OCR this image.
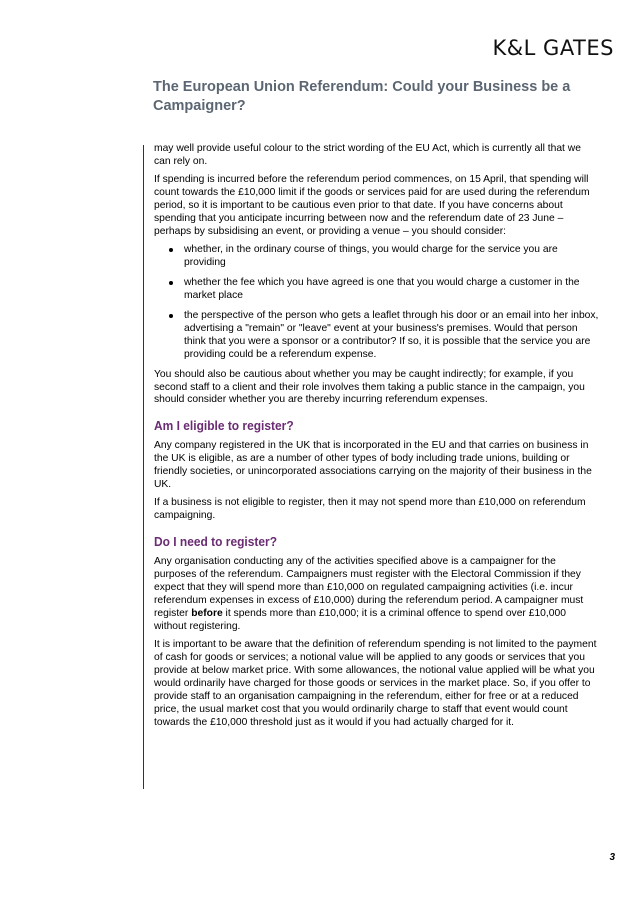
K&L GATES
The European Union Referendum: Could your Business be a Campaigner?

may well provide useful colour to the strict wording of the EU Act, which is currently all that we can rely on.

If spending is incurred before the referendum period commences, on 15 April, that spending will count towards the £10,000 limit if the goods or services paid for are used during the referendum period, so it is important to be cautious even prior to that date. If you have concerns about spending that you anticipate incurring between now and the referendum date of 23 June – perhaps by subsidising an event, or providing a venue – you should consider:

whether, in the ordinary course of things, you would charge for the service you are providing
whether the fee which you have agreed is one that you would charge a customer in the market place
the perspective of the person who gets a leaflet through his door or an email into her inbox, advertising a "remain" or "leave" event at your business's premises. Would that person think that you were a sponsor or a contributor? If so, it is possible that the service you are providing could be a referendum expense.

You should also be cautious about whether you may be caught indirectly; for example, if you second staff to a client and their role involves them taking a public stance in the campaign, you should consider whether you are thereby incurring referendum expenses.

Am I eligible to register?

Any company registered in the UK that is incorporated in the EU and that carries on business in the UK is eligible, as are a number of other types of body including trade unions, building or friendly societies, or unincorporated associations carrying on the majority of their business in the UK.

If a business is not eligible to register, then it may not spend more than £10,000 on referendum campaigning.

Do I need to register?

Any organisation conducting any of the activities specified above is a campaigner for the purposes of the referendum. Campaigners must register with the Electoral Commission if they expect that they will spend more than £10,000 on regulated campaigning activities (i.e. incur referendum expenses in excess of £10,000) during the referendum period. A campaigner must register before it spends more than £10,000; it is a criminal offence to spend over £10,000 without registering.

It is important to be aware that the definition of referendum spending is not limited to the payment of cash for goods or services; a notional value will be applied to any goods or services that you provide at below market price. With some allowances, the notional value applied will be what you would ordinarily have charged for those goods or services in the market place. So, if you offer to provide staff to an organisation campaigning in the referendum, either for free or at a reduced price, the usual market cost that you would ordinarily charge to staff that event would count towards the £10,000 threshold just as it would if you had actually charged for it.

3
